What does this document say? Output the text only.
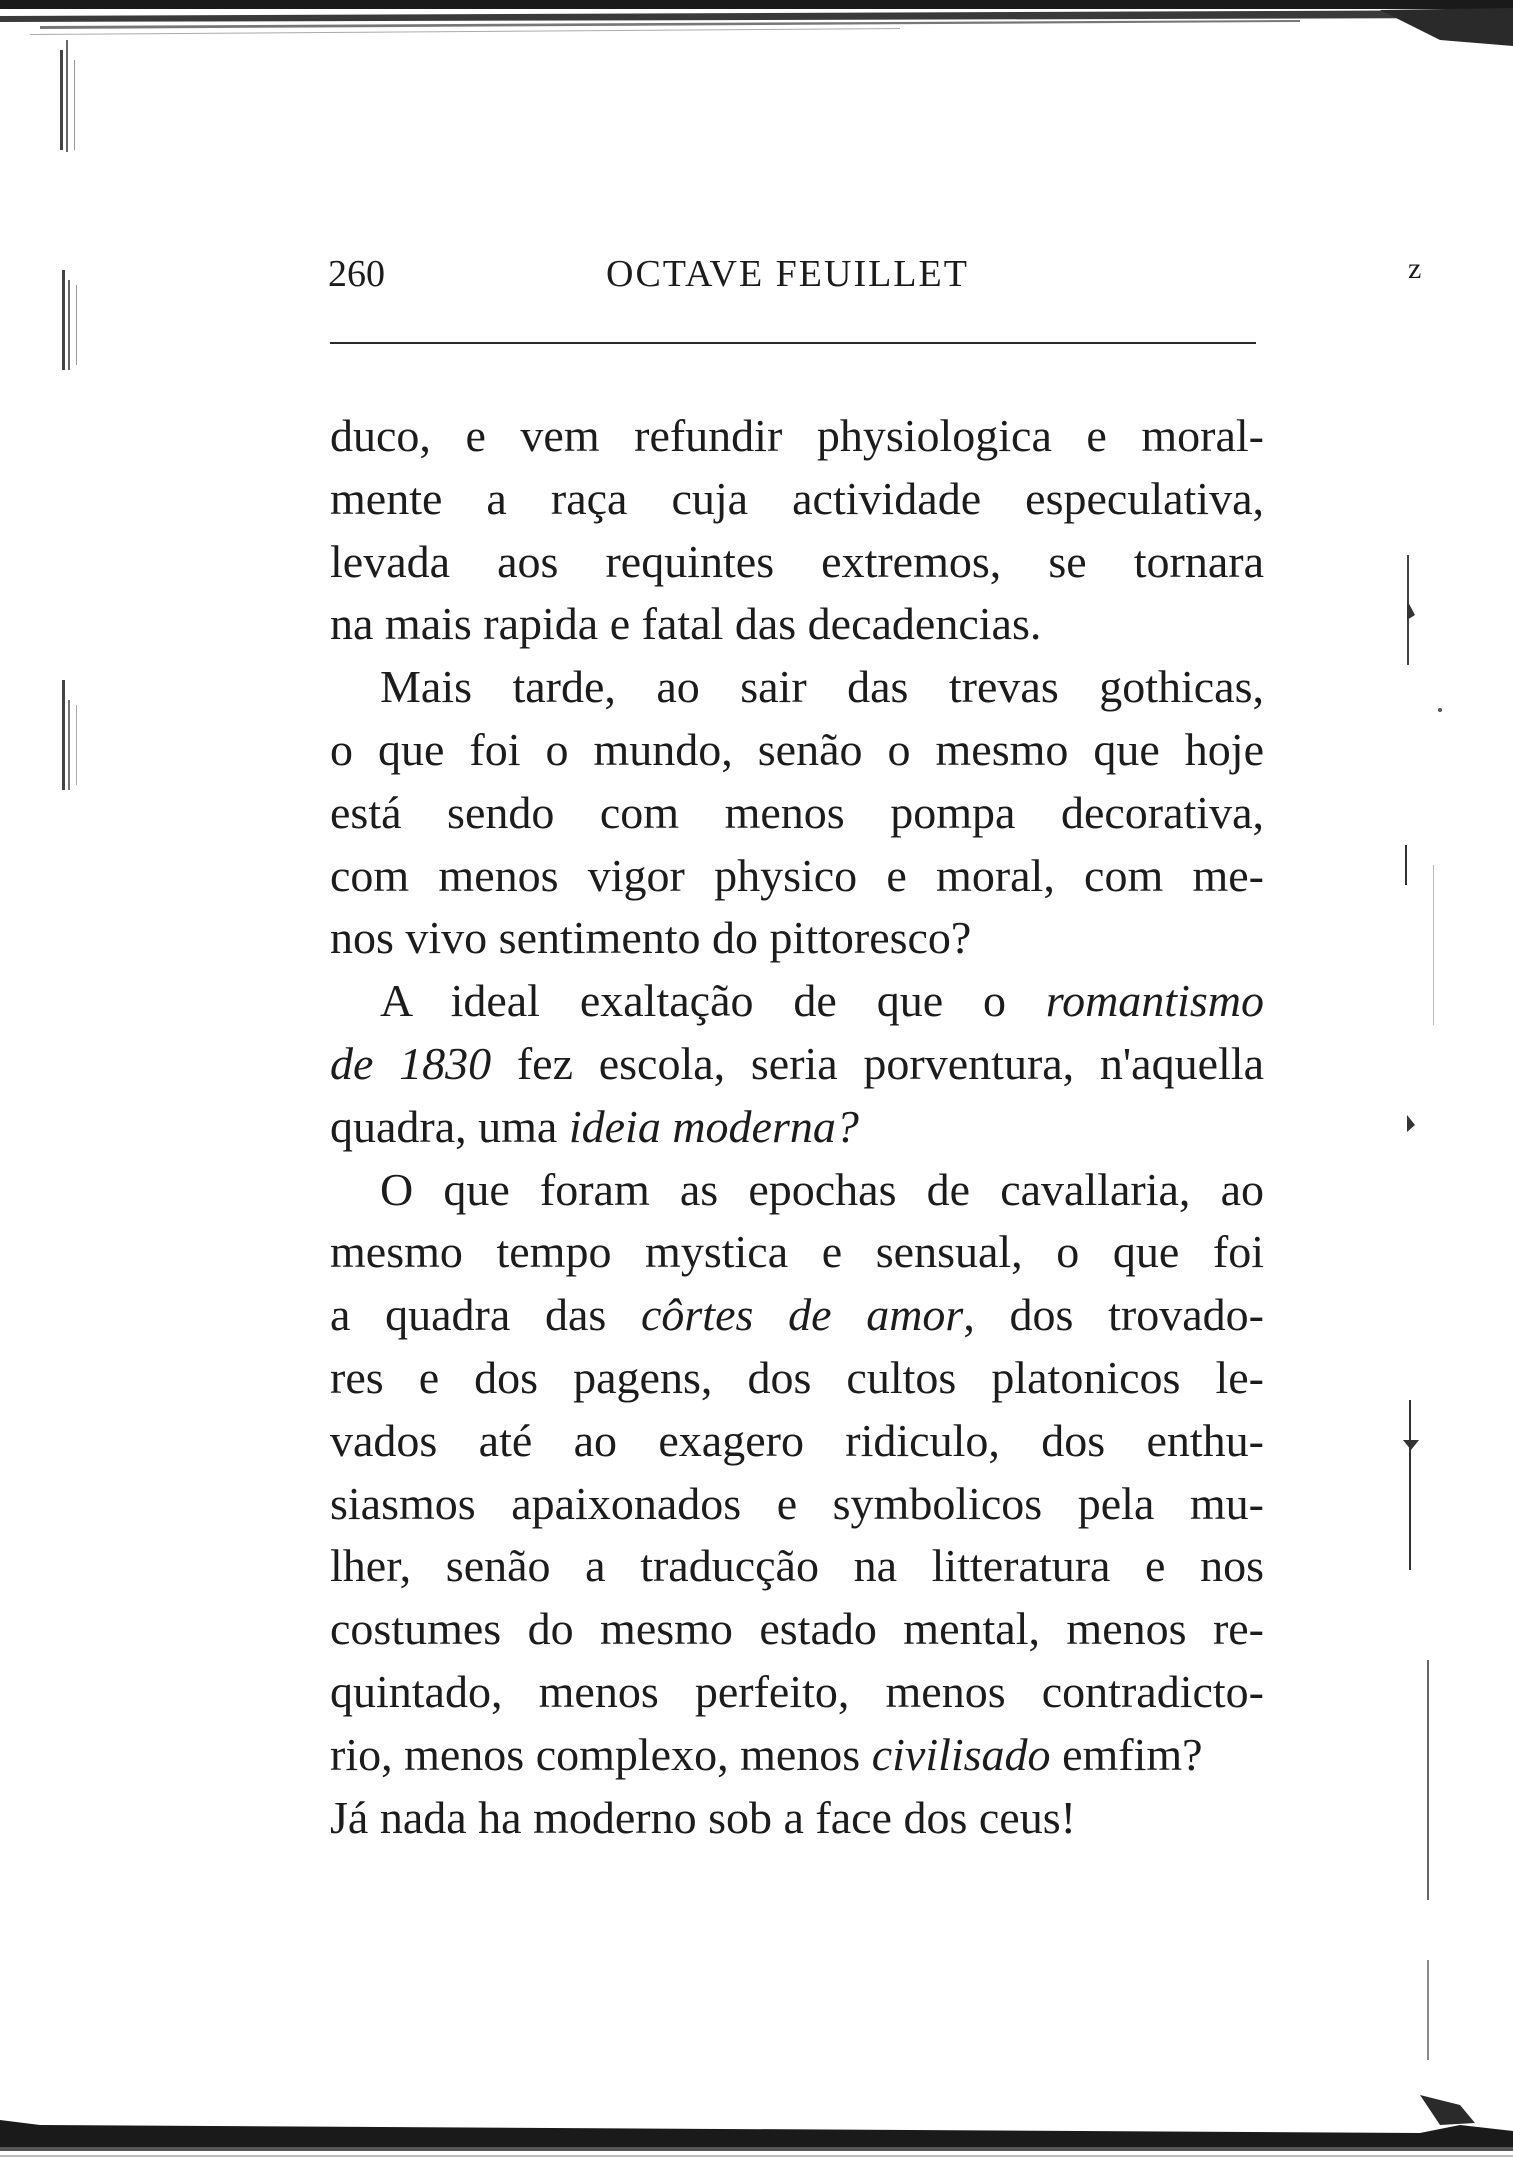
260	OCTAVE FEUILLET	z
duco, e vem refundir physiologica e moral-
mente a raça cuja actividade especulativa,
levada aos requintes extremos, se tornara
na mais rapida e fatal das decadencias.
Mais tarde, ao sair das trevas gothicas,
o que foi o mundo, senão o mesmo que hoje
está sendo com menos pompa decorativa,
com menos vigor physico e moral, com me-
nos vivo sentimento do pittoresco?
A ideal exaltação de que o romantismo
de 1830 fez escola, seria porventura, n'aquella
quadra, uma ideia moderna?
O que foram as epochas de cavallaria, ao
mesmo tempo mystica e sensual, o que foi
a quadra das côrtes de amor, dos trovado-
res e dos pagens, dos cultos platonicos le-
vados até ao exagero ridiculo, dos enthu-
siasmos apaixonados e symbolicos pela mu-
lher, senão a traducção na litteratura e nos
costumes do mesmo estado mental, menos re-
quintado, menos perfeito, menos contradicto-
rio, menos complexo, menos civilisado emfim?
Já nada ha moderno sob a face dos ceus!
